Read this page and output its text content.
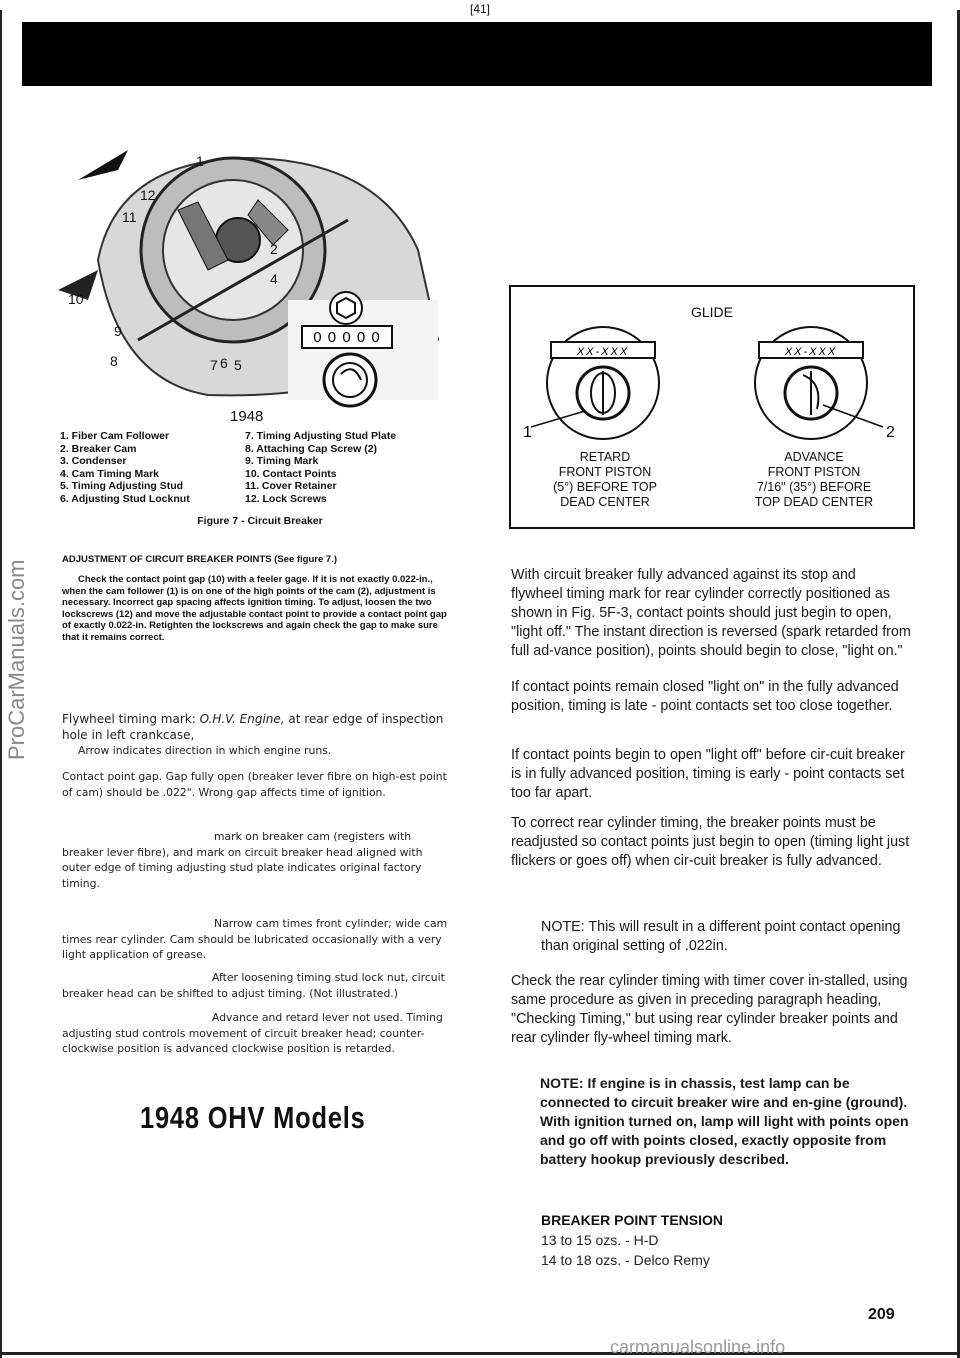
[41]
ProCarManuals.com
0 0 0 0 0
1
12
11
2
4
10
9
8	7 6 5
1948
1. Fiber Cam Follower
2. Breaker Cam
3. Condenser
4. Cam Timing Mark
5. Timing Adjusting Stud
6. Adjusting Stud Locknut
7. Timing Adjusting Stud Plate
8. Attaching Cap Screw (2)
9. Timing Mark
10. Contact Points
11. Cover Retainer
12. Lock Screws
Figure 7 - Circuit Breaker
ADJUSTMENT OF CIRCUIT BREAKER POINTS (See figure 7.)

Check the contact point gap (10) with a feeler gage. If it is not exactly 0.022-in., when the cam follower (1) is on one of the high points of the cam (2), adjustment is necessary. Incorrect gap spacing affects ignition timing. To adjust, loosen the two lockscrews (12) and move the adjustable contact point to provide a contact point gap of exactly 0.022-in. Retighten the lockscrews and again check the gap to make sure that it remains correct.

Flywheel timing mark: O.H.V. Engine, at rear edge of inspection hole in left crankcase,
Arrow indicates direction in which engine runs.

Contact point gap. Gap fully open (breaker lever fibre on high-est point of cam) should be .022". Wrong gap affects time of ignition.

mark on breaker cam (registers with breaker lever fibre), and mark on circuit breaker head aligned with outer edge of timing adjusting stud plate indicates original factory timing.

Narrow cam times front cylinder; wide cam times rear cylinder. Cam should be lubricated occasionally with a very light application of grease.

After loosening timing stud lock nut, circuit breaker head can be shifted to adjust timing. (Not illustrated.)

Advance and retard lever not used. Timing adjusting stud controls movement of circuit breaker head; counter-clockwise position is advanced clockwise position is retarded.

1948 OHV Models
GLIDE
XX-XXX
1
XX-XXX
2
RETARD
FRONT PISTON
(5°) BEFORE TOP
DEAD CENTER
ADVANCE
FRONT PISTON
7/16" (35°) BEFORE
TOP DEAD CENTER

With circuit breaker fully advanced against its stop and flywheel timing mark for rear cylinder correctly positioned as shown in Fig. 5F-3, contact points should just begin to open, "light off." The instant direction is reversed (spark retarded from full ad-vance position), points should begin to close, "light on."

If contact points remain closed "light on" in the fully advanced position, timing is late - point contacts set too close together.

If contact points begin to open "light off" before cir-cuit breaker is in fully advanced position, timing is early - point contacts set too far apart.

To correct rear cylinder timing, the breaker points must be readjusted so contact points just begin to open (timing light just flickers or goes off) when cir-cuit breaker is fully advanced.

NOTE: This will result in a different point contact opening than original setting of .022in.

Check the rear cylinder timing with timer cover in-stalled, using same procedure as given in preceding paragraph heading, "Checking Timing," but using rear cylinder breaker points and rear cylinder fly-wheel timing mark.

NOTE: If engine is in chassis, test lamp can be connected to circuit breaker wire and en-gine (ground). With ignition turned on, lamp will light with points open and go off with points closed, exactly opposite from battery hookup previously described.

BREAKER POINT TENSION
13 to 15 ozs. - H-D
14 to 18 ozs. - Delco Remy
209
carmanualsonline.info
